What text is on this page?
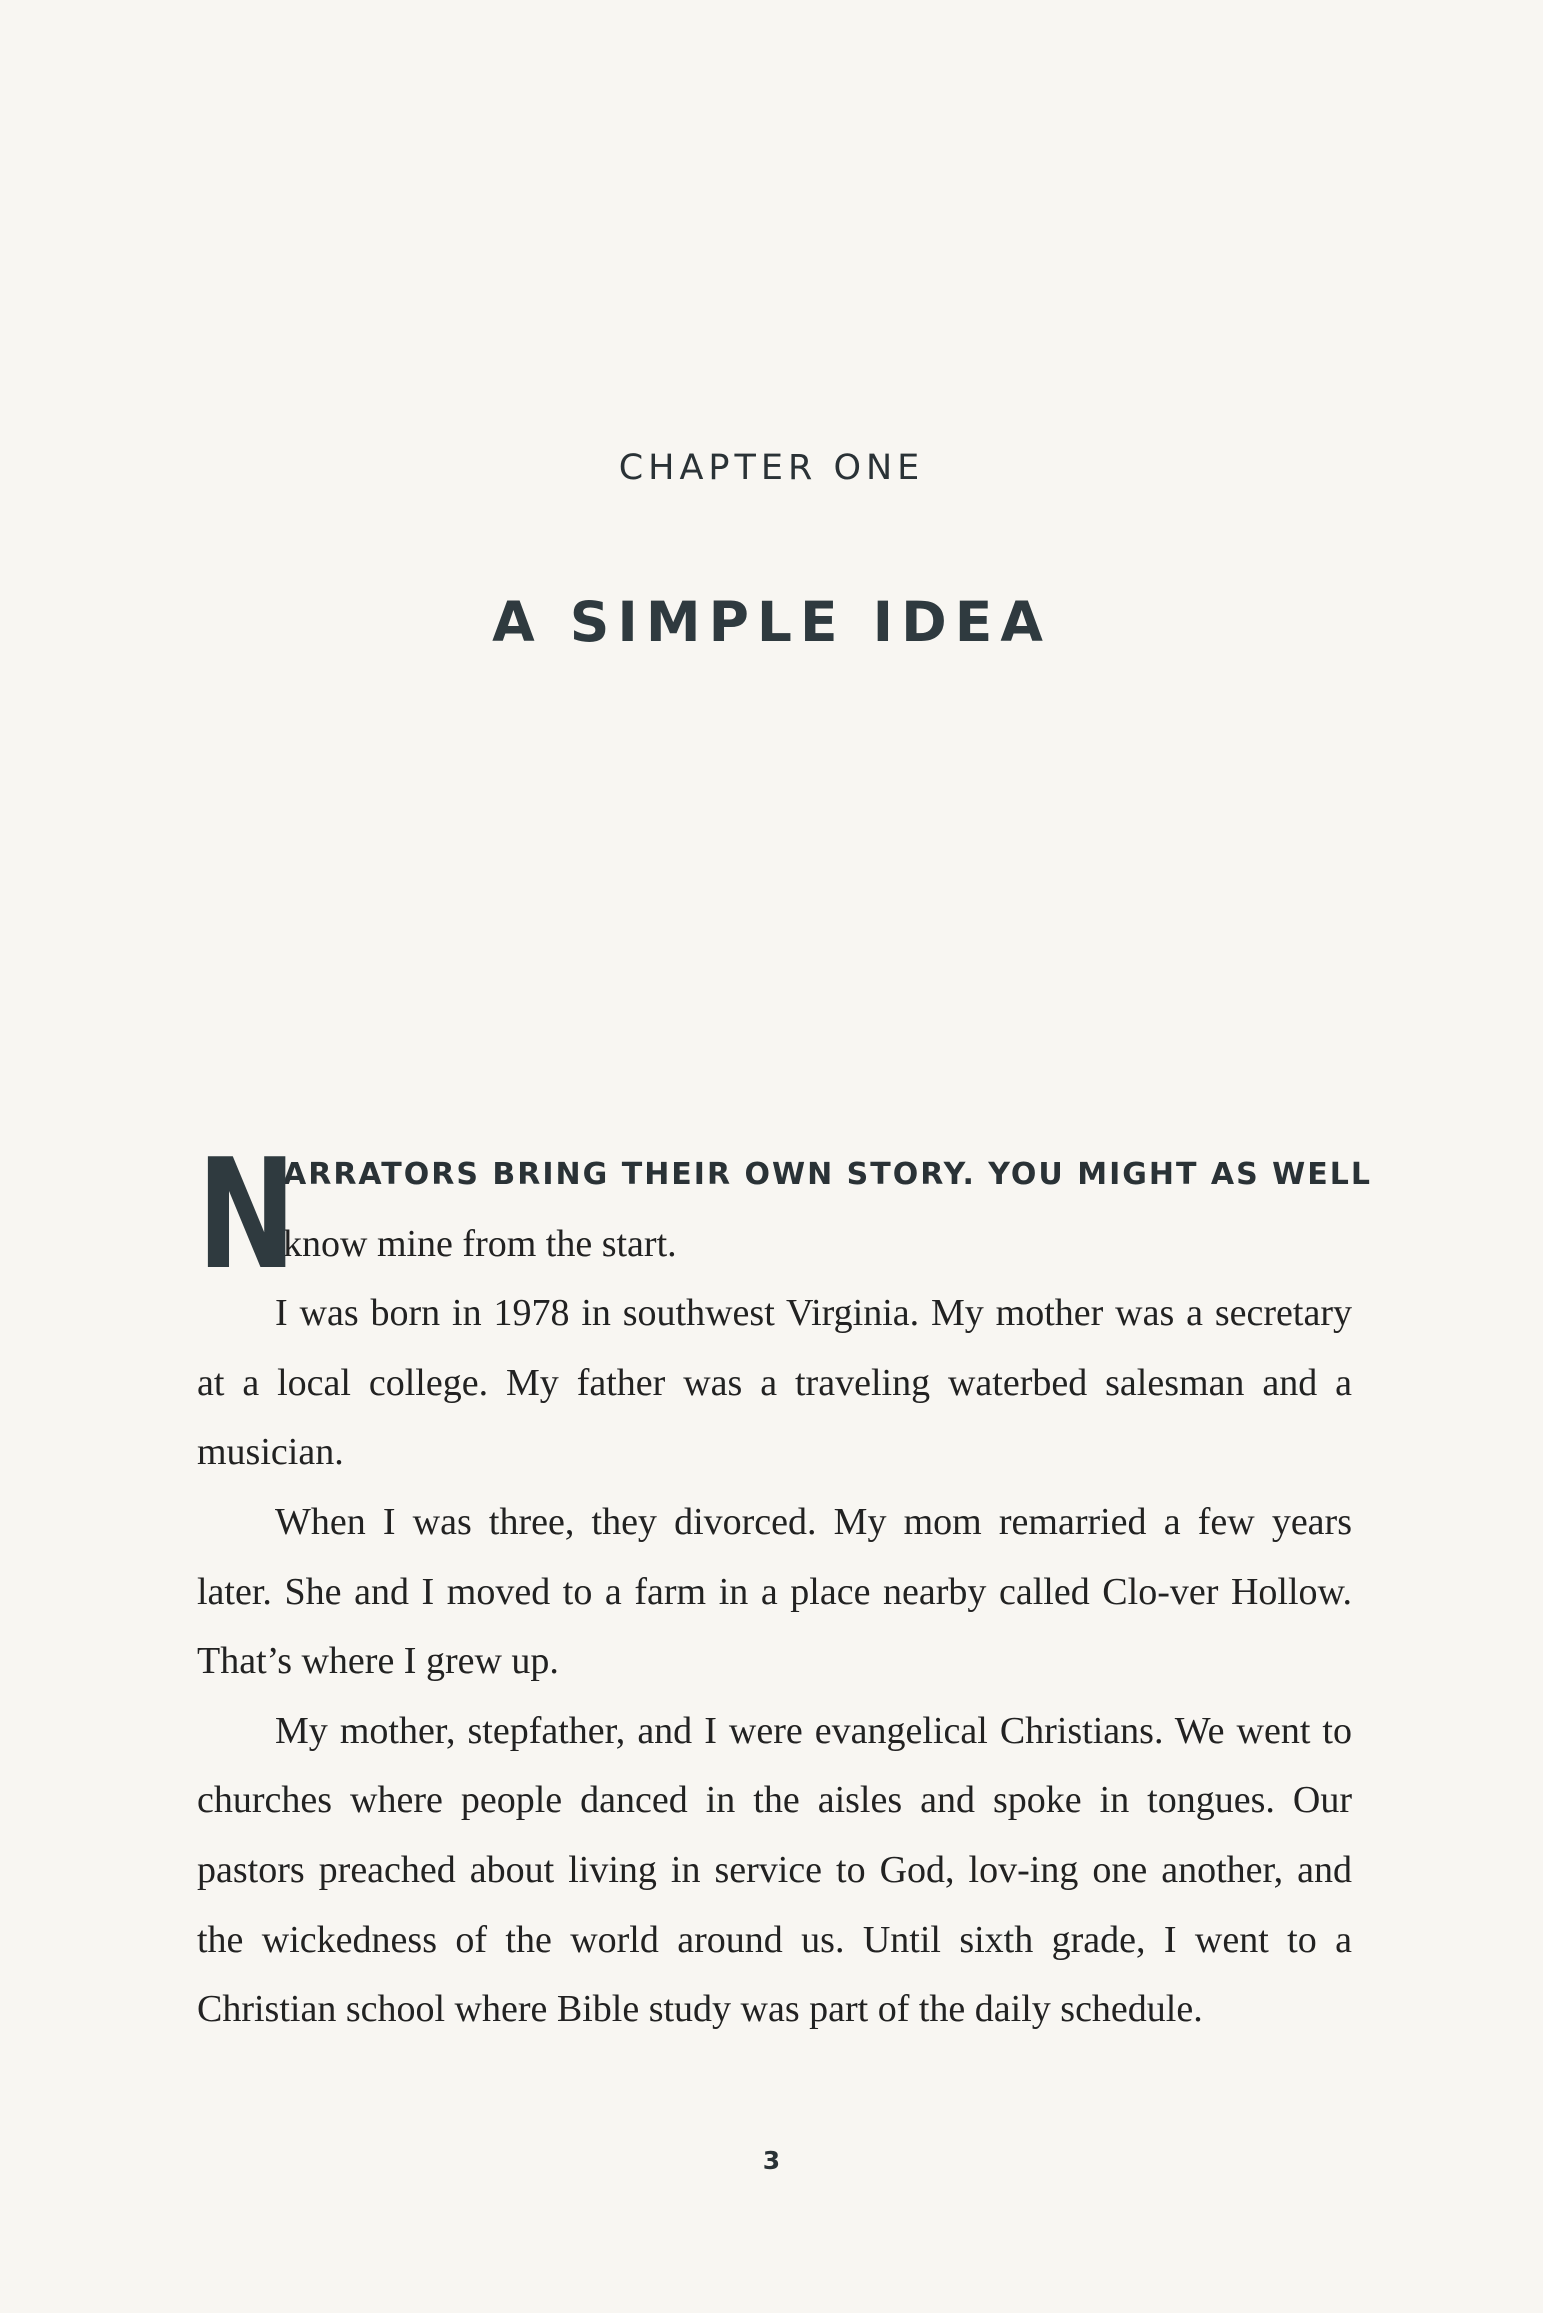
CHAPTER ONE
A SIMPLE IDEA
N
ARRATORS BRING THEIR OWN STORY. YOU MIGHT AS WELL
know mine from the start.

I was born in 1978 in southwest Virginia. My mother was a secretary at a local college. My father was a traveling waterbed salesman and a musician.

When I was three, they divorced. My mom remarried a few years later. She and I moved to a farm in a place nearby called Clo-ver Hollow. That’s where I grew up.

My mother, stepfather, and I were evangelical Christians. We went to churches where people danced in the aisles and spoke in tongues. Our pastors preached about living in service to God, lov-ing one another, and the wickedness of the world around us. Until sixth grade, I went to a Christian school where Bible study was part of the daily schedule.

3
